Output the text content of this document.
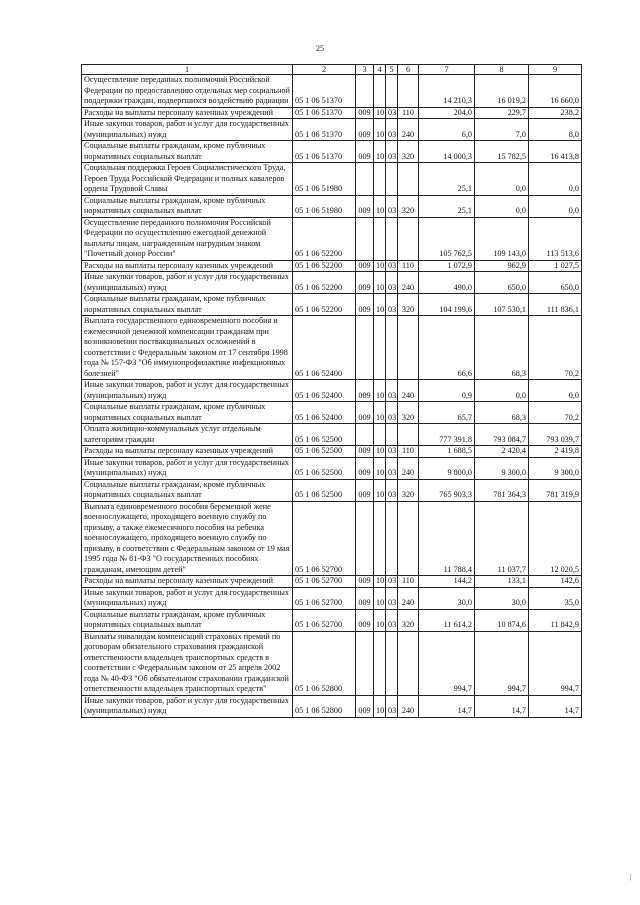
25
1	2	3	4	5	6	7	8	9
Осуществление переданных полномочий Российской Федерации по предоставлению отдельных мер социальной поддержки граждан, подвергшихся воздействию радиации	05 1 06 51370					14 210,3	16 019,2	16 660,0
Расходы на выплаты персоналу казенных учреждений	05 1 06 51370	009	10	03	110	204,0	229,7	238,2
Иные закупки товаров, работ и услуг для государственных (муниципальных) нужд	05 1 06 51370	009	10	03	240	6,0	7,0	8,0
Социальные выплаты гражданам, кроме публичных нормативных социальных выплат	05 1 06 51370	009	10	03	320	14 000,3	15 782,5	16 413,8
Социальная поддержка Героев Социалистического Труда, Героев Труда Российской Федерации и полных кавалеров ордена Трудовой Славы	05 1 06 51980					25,1	0,0	0,0
Социальные выплаты гражданам, кроме публичных нормативных социальных выплат	05 1 06 51980	009	10	03	320	25,1	0,0	0,0
Осуществление переданного полномочия Российской Федерации по осуществлению ежегодной денежной выплаты лицам, награжденным нагрудным знаком "Почетный донор России"	05 1 06 52200					105 762,5	109 143,0	113 513,6
Расходы на выплаты персоналу казенных учреждений	05 1 06 52200	009	10	03	110	1 072,9	962,9	1 027,5
Иные закупки товаров, работ и услуг для государственных (муниципальных) нужд	05 1 06 52200	009	10	03	240	490,0	650,0	650,0
Социальные выплаты гражданам, кроме публичных нормативных социальных выплат	05 1 06 52200	009	10	03	320	104 199,6	107 530,1	111 836,1
Выплата государственного единовременного пособия и ежемесячной денежной компенсации гражданам при возникновении поствакцинальных осложнений в соответствии с Федеральным законом от 17 сентября 1998 года № 157-ФЗ "Об иммунопрофилактике инфекционных болезней"	05 1 06 52400					66,6	68,3	70,2
Иные закупки товаров, работ и услуг для государственных (муниципальных) нужд	05 1 06 52400	009	10	03	240	0,9	0,0	0,0
Социальные выплаты гражданам, кроме публичных нормативных социальных выплат	05 1 06 52400	009	10	03	320	65,7	68,3	70,2
Оплата жилищно-коммунальных услуг отдельным категориям граждан	05 1 06 52500					777 391,8	793 084,7	793 039,7
Расходы на выплаты персоналу казенных учреждений	05 1 06 52500	009	10	03	110	1 688,5	2 420,4	2 419,8
Иные закупки товаров, работ и услуг для государственных (муниципальных) нужд	05 1 06 52500	009	10	03	240	9 800,0	9 300,0	9 300,0
Социальные выплаты гражданам, кроме публичных нормативных социальных выплат	05 1 06 52500	009	10	03	320	765 903,3	781 364,3	781 319,9
Выплата единовременного пособия беременной жене военнослужащего, проходящего военную службу по призыву, а также ежемесячного пособия на ребенка военнослужащего, проходящего военную службу по призыву, в соответствии с Федеральным законом от 19 мая 1995 года № 81-ФЗ "О государственных пособиях гражданам, имеющим детей"	05 1 06 52700					11 788,4	11 037,7	12 020,5
Расходы на выплаты персоналу казенных учреждений	05 1 06 52700	009	10	03	110	144,2	133,1	142,6
Иные закупки товаров, работ и услуг для государственных (муниципальных) нужд	05 1 06 52700	009	10	03	240	30,0	30,0	35,0
Социальные выплаты гражданам, кроме публичных нормативных социальных выплат	05 1 06 52700	009	10	03	320	11 614,2	10 874,6	11 842,9
Выплаты инвалидам компенсаций страховых премий по договорам обязательного страхования гражданской ответственности владельцев транспортных средств в соответствии с Федеральным законом от 25 апреля 2002 года № 40-ФЗ "Об обязательном страховании гражданской ответственности владельцев транспортных средств"	05 1 06 52800					994,7	994,7	994,7
Иные закупки товаров, работ и услуг для государственных (муниципальных) нужд	05 1 06 52800	009	10	03	240	14,7	14,7	14,7
|
